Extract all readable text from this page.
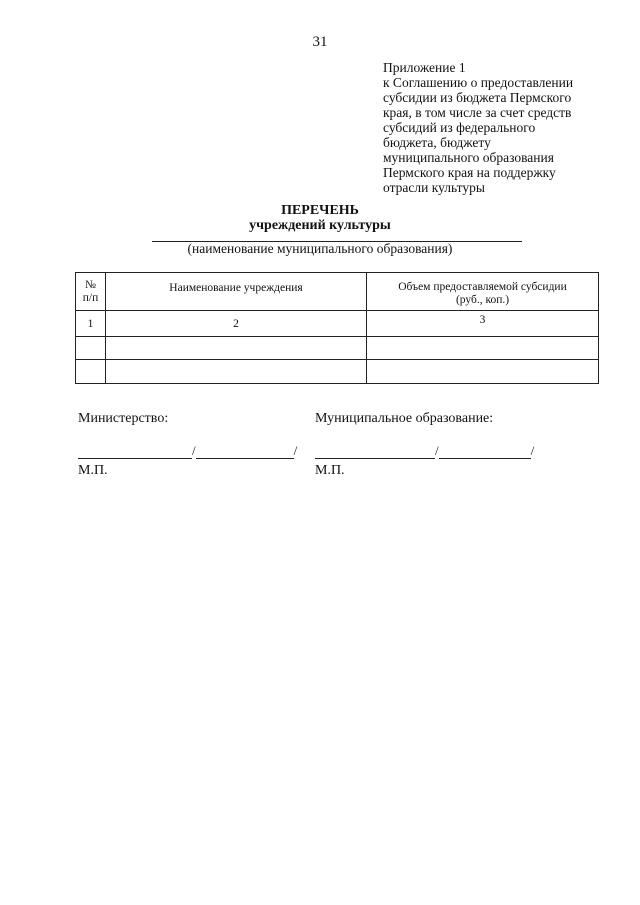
31
Приложение 1
к Соглашению о предоставлении
субсидии из бюджета Пермского
края, в том числе за счет средств
субсидий из федерального
бюджета, бюджету
муниципального образования
Пермского края на поддержку
отрасли культуры
ПЕРЕЧЕНЬ
учреждений культуры
(наименование муниципального образования)
№
п/п	Наименование учреждения	Объем предоставляемой субсидии
(руб., коп.)
1	2	3

Министерство:
/	/
М.П.
Муниципальное образование:
/	/
М.П.
